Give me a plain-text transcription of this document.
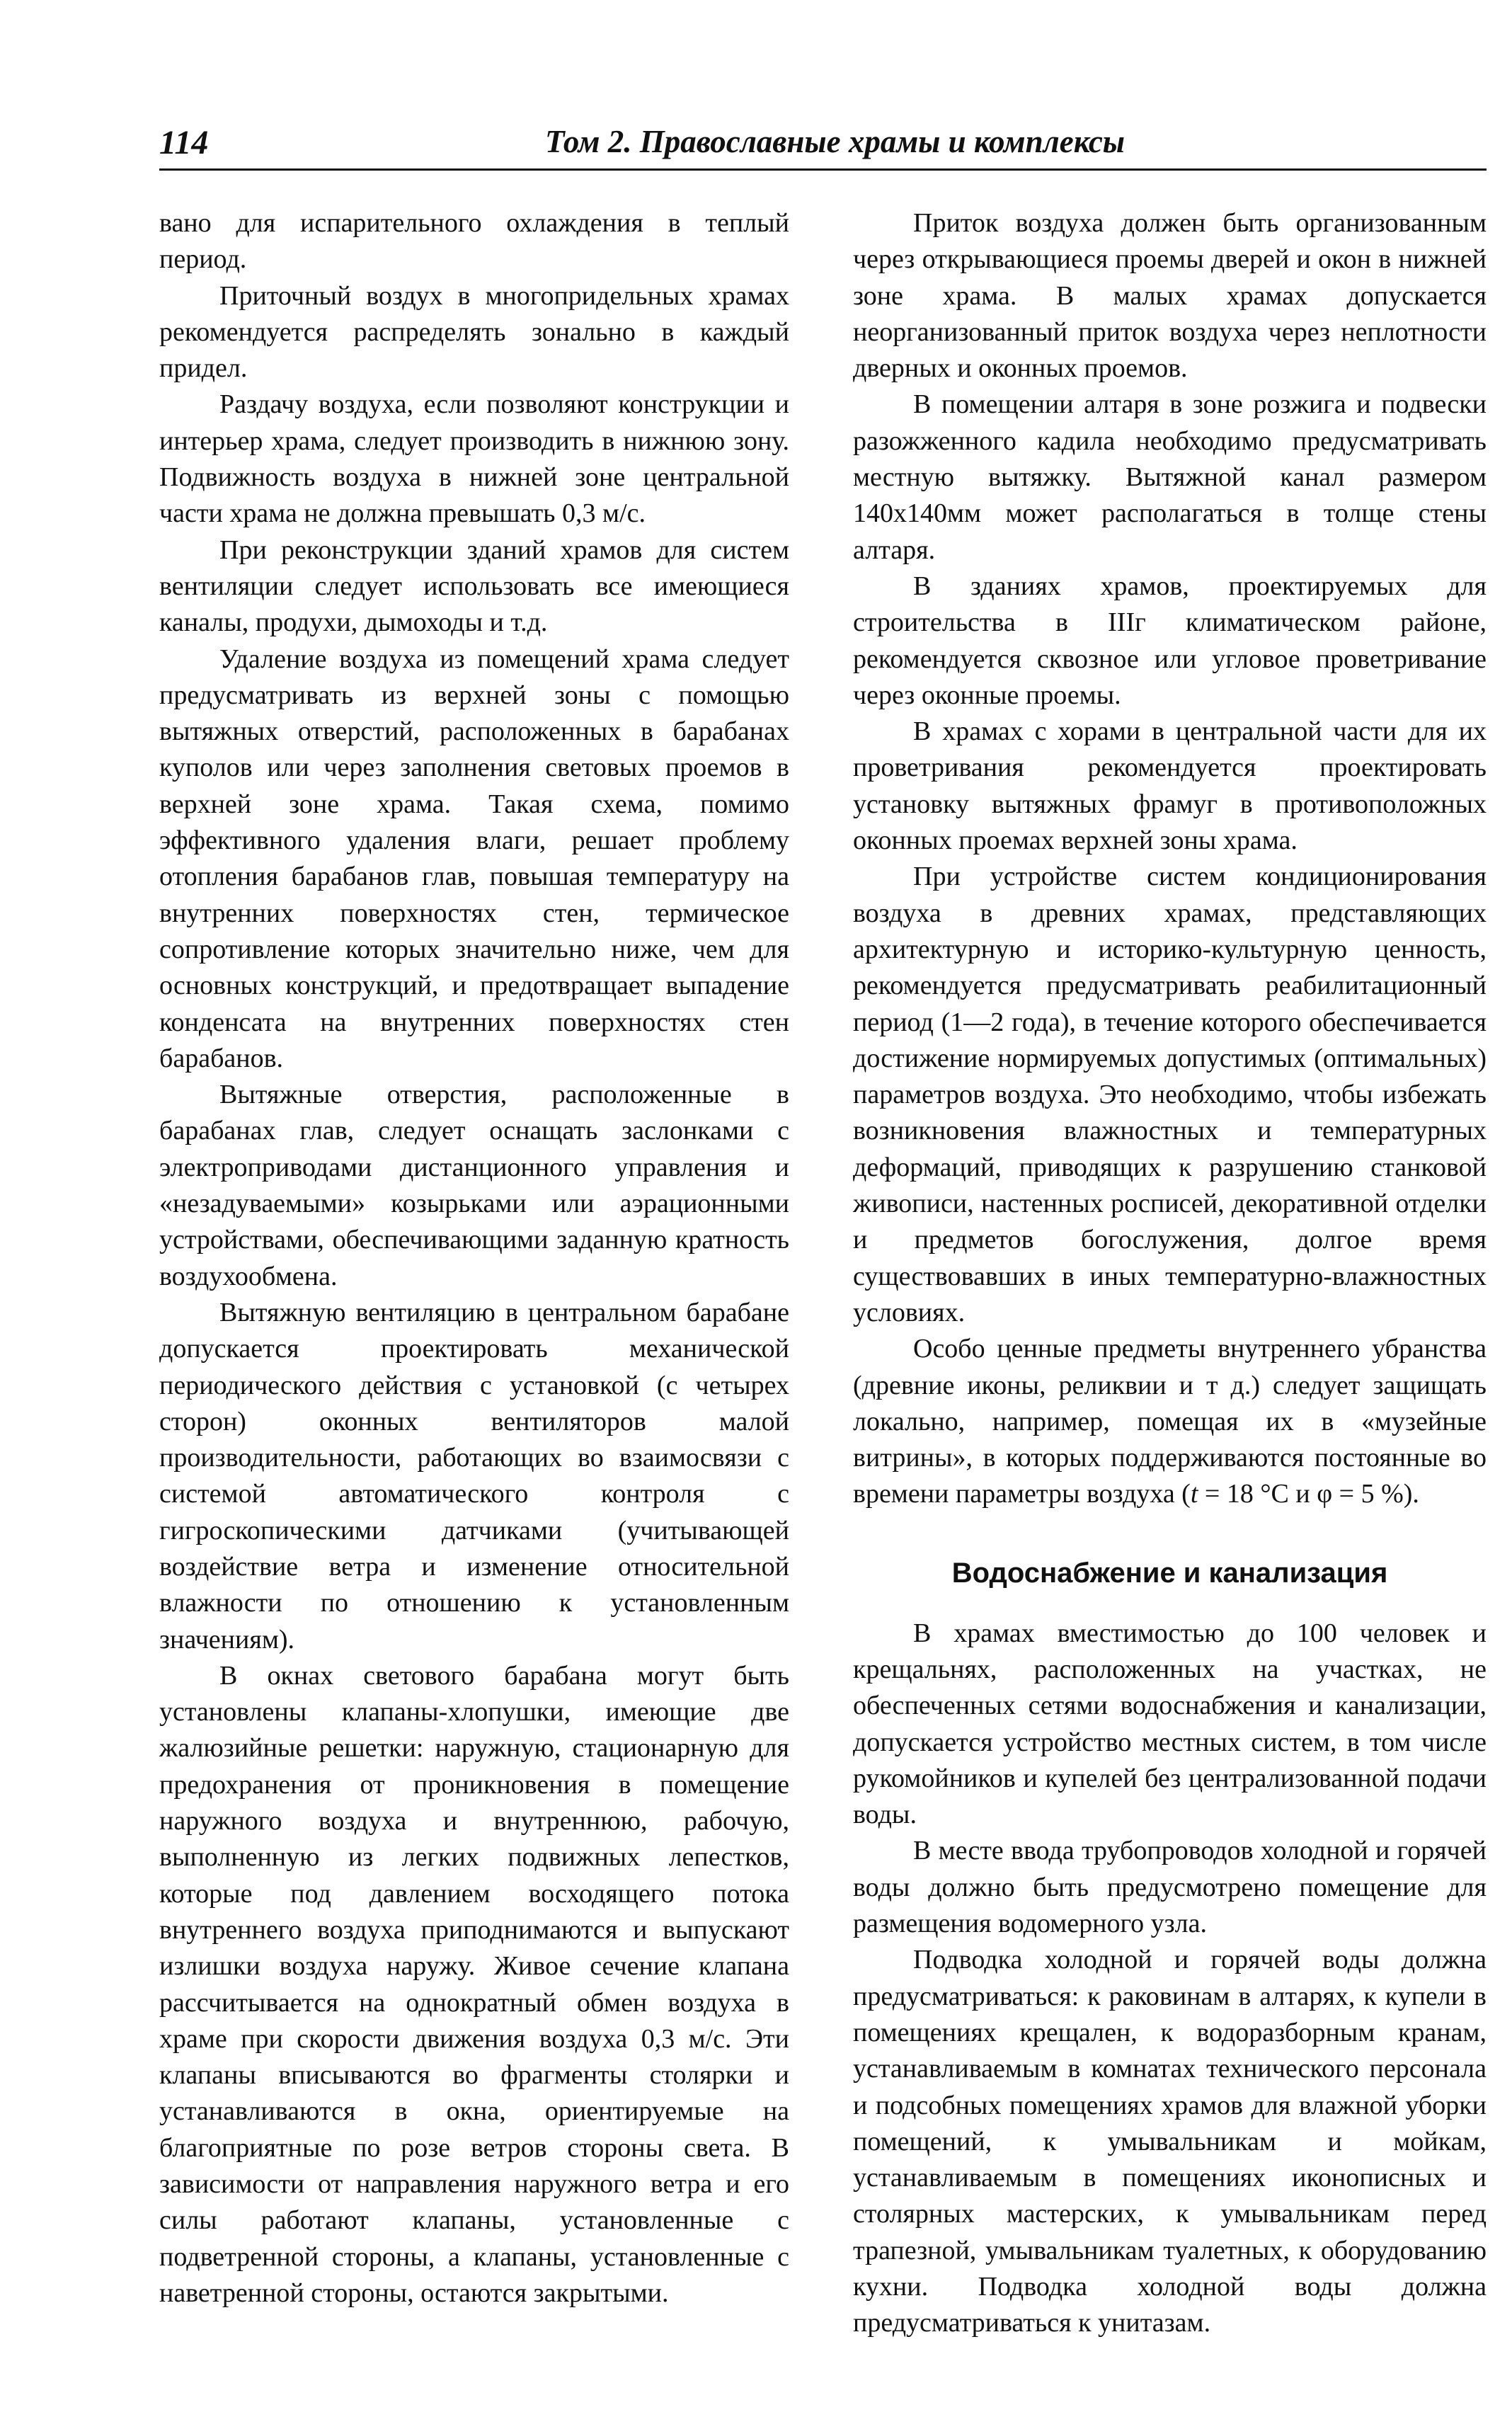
114	Том 2. Православные храмы и комплексы

вано для испарительного охлаждения в теплый период.

Приточный воздух в многопридельных храмах рекомендуется распределять зонально в каждый придел.

Раздачу воздуха, если позволяют конструкции и интерьер храма, следует производить в нижнюю зону. Подвижность воздуха в нижней зоне центральной части храма не должна превышать 0,3 м/с.

При реконструкции зданий храмов для систем вентиляции следует использовать все имеющиеся каналы, продухи, дымоходы и т.д.

Удаление воздуха из помещений храма следует предусматривать из верхней зоны с помощью вытяжных отверстий, расположенных в барабанах куполов или через заполнения световых проемов в верхней зоне храма. Такая схема, помимо эффективного удаления влаги, решает проблему отопления барабанов глав, повышая температуру на внутренних поверхностях стен, термическое сопротивление которых значительно ниже, чем для основных конструкций, и предотвращает выпадение конденсата на внутренних поверхностях стен барабанов.

Вытяжные отверстия, расположенные в барабанах глав, следует оснащать заслонками с электроприводами дистанционного управления и «незадуваемыми» козырьками или аэрационными устройствами, обеспечивающими заданную кратность воздухообмена.

Вытяжную вентиляцию в центральном барабане допускается проектировать механической периодического действия с установкой (с четырех сторон) оконных вентиляторов малой производительности, работающих во взаимосвязи с системой автоматического контроля с гигроскопическими датчиками (учитывающей воздействие ветра и изменение относительной влажности по отношению к установленным значениям).

В окнах светового барабана могут быть установлены клапаны-хлопушки, имеющие две жалюзийные решетки: наружную, стационарную для предохранения от проникновения в помещение наружного воздуха и внутреннюю, рабочую, выполненную из легких подвижных лепестков, которые под давлением восходящего потока внутреннего воздуха приподнимаются и выпускают излишки воздуха наружу. Живое сечение клапана рассчитывается на однократный обмен воздуха в храме при скорости движения воздуха 0,3 м/с. Эти клапаны вписываются во фрагменты столярки и устанавливаются в окна, ориентируемые на благоприятные по розе ветров стороны света. В зависимости от направления наружного ветра и его силы работают клапаны, установленные с подветренной стороны, а клапаны, установленные с наветренной стороны, остаются закрытыми.

Приток воздуха должен быть организованным через открывающиеся проемы дверей и окон в нижней зоне храма. В малых храмах допускается неорганизованный приток воздуха через неплотности дверных и оконных проемов.

В помещении алтаря в зоне розжига и подвески разожженного кадила необходимо предусматривать местную вытяжку. Вытяжной канал размером 140х140мм может располагаться в толще стены алтаря.

В зданиях храмов, проектируемых для строительства в IIIг климатическом районе, рекомендуется сквозное или угловое проветривание через оконные проемы.

В храмах с хорами в центральной части для их проветривания рекомендуется проектировать установку вытяжных фрамуг в противоположных оконных проемах верхней зоны храма.

При устройстве систем кондиционирования воздуха в древних храмах, представляющих архитектурную и историко-культурную ценность, рекомендуется предусматривать реабилитационный период (1—2 года), в течение которого обеспечивается достижение нормируемых допустимых (оптимальных) параметров воздуха. Это необходимо, чтобы избежать возникновения влажностных и температурных деформаций, приводящих к разрушению станковой живописи, настенных росписей, декоративной отделки и предметов богослужения, долгое время существовавших в иных температурно-влажностных условиях.

Особо ценные предметы внутреннего убранства (древние иконы, реликвии и т д.) следует защищать локально, например, помещая их в «музейные витрины», в которых поддерживаются постоянные во времени параметры воздуха (t = 18 °С и φ = 5 %).

Водоснабжение и канализация

В храмах вместимостью до 100 человек и крещальнях, расположенных на участках, не обеспеченных сетями водоснабжения и канализации, допускается устройство местных систем, в том числе рукомойников и купелей без централизованной подачи воды.

В месте ввода трубопроводов холодной и горячей воды должно быть предусмотрено помещение для размещения водомерного узла.

Подводка холодной и горячей воды должна предусматриваться: к раковинам в алтарях, к купели в помещениях крещален, к водоразборным кранам, устанавливаемым в комнатах технического персонала и подсобных помещениях храмов для влажной уборки помещений, к умывальникам и мойкам, устанавливаемым в помещениях иконописных и столярных мастерских, к умывальникам перед трапезной, умывальникам туалетных, к оборудованию кухни. Подводка холодной воды должна предусматриваться к унитазам.
